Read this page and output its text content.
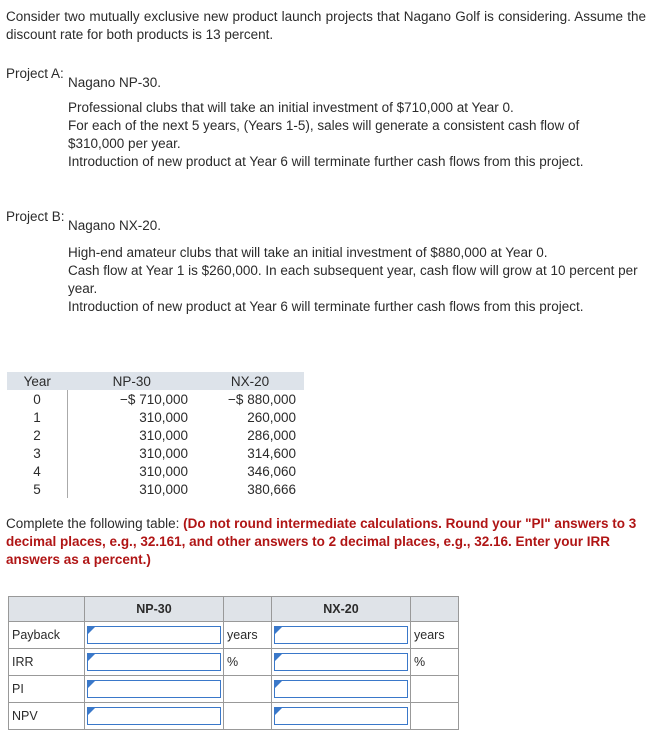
Consider two mutually exclusive new product launch projects that Nagano Golf is considering. Assume the discount rate for both products is 13 percent.
Project A:
Nagano NP-30.

Professional clubs that will take an initial investment of $710,000 at Year 0.

For each of the next 5 years, (Years 1-5), sales will generate a consistent cash flow of $310,000 per year.

Introduction of new product at Year 6 will terminate further cash flows from this project.

Project B:
Nagano NX-20.

High-end amateur clubs that will take an initial investment of $880,000 at Year 0.

Cash flow at Year 1 is $260,000. In each subsequent year, cash flow will grow at 10 percent per year.

Introduction of new product at Year 6 will terminate further cash flows from this project.

Year	NP-30	NX-20
0	−$ 710,000	−$ 880,000
1	310,000	260,000
2	310,000	286,000
3	310,000	314,600
4	310,000	346,060
5	310,000	380,666
Complete the following table: (Do not round intermediate calculations. Round your "PI" answers to 3 decimal places, e.g., 32.161, and other answers to 2 decimal places, e.g., 32.16. Enter your IRR answers as a percent.)
	NP-30		NX-20	
Payback		years		years
IRR		%		%
PI	

NPV	
